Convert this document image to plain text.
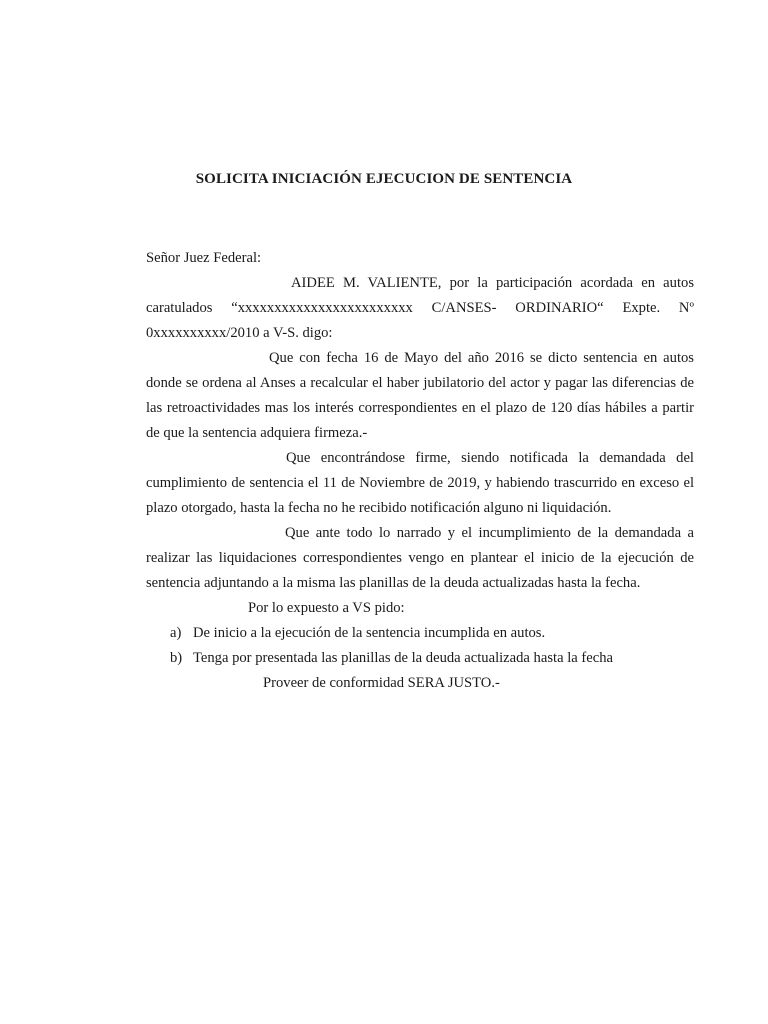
SOLICITA INICIACIÓN EJECUCION DE SENTENCIA

Señor Juez Federal:

AIDEE M. VALIENTE, por la participación acordada en autos caratulados “xxxxxxxxxxxxxxxxxxxxxxxx C/ANSES- ORDINARIO“ Expte. Nº 0xxxxxxxxxx/2010 a V-S. digo:

Que con fecha 16 de Mayo del año 2016 se dicto sentencia en autos donde se ordena al Anses a recalcular el haber jubilatorio del actor y pagar las diferencias de las retroactividades mas los interés correspondientes en el plazo de 120 días hábiles a partir de que la sentencia adquiera firmeza.-

Que encontrándose firme, siendo notificada la demandada del cumplimiento de sentencia el 11 de Noviembre de 2019, y habiendo trascurrido en exceso el plazo otorgado, hasta la fecha no he recibido notificación alguno ni liquidación.

Que ante todo lo narrado y el incumplimiento de la demandada a realizar las liquidaciones correspondientes vengo en plantear el inicio de la ejecución de sentencia adjuntando a la misma las planillas de la deuda actualizadas hasta la fecha.

Por lo expuesto a VS pido:

a) De inicio a la ejecución de la sentencia incumplida en autos.
b) Tenga por presentada las planillas de la deuda actualizada hasta la fecha

Proveer de conformidad SERA JUSTO.-
